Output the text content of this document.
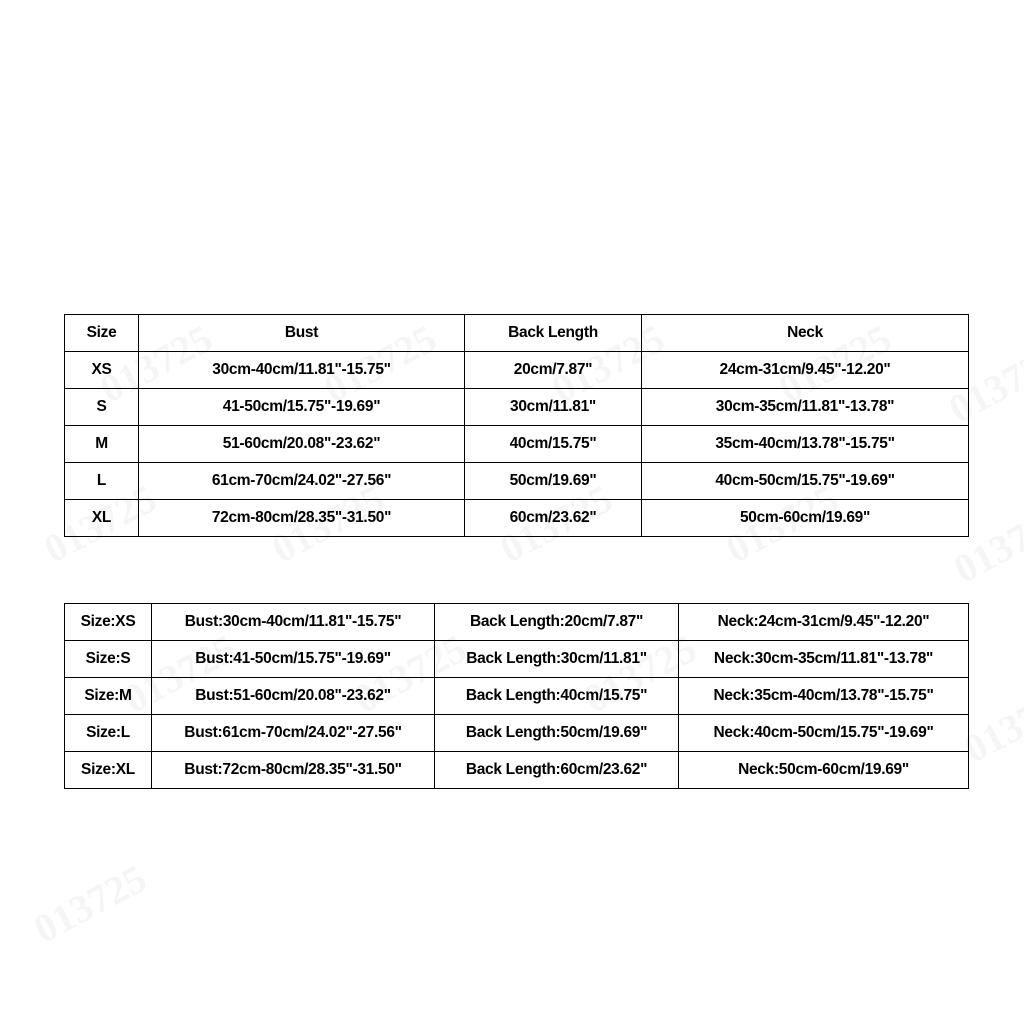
Size	Bust	Back Length	Neck
XS	30cm-40cm/11.81"-15.75"	20cm/7.87"	24cm-31cm/9.45"-12.20"
S	41-50cm/15.75"-19.69"	30cm/11.81"	30cm-35cm/11.81"-13.78"
M	51-60cm/20.08"-23.62"	40cm/15.75"	35cm-40cm/13.78"-15.75"
L	61cm-70cm/24.02"-27.56"	50cm/19.69"	40cm-50cm/15.75"-19.69"
XL	72cm-80cm/28.35"-31.50"	60cm/23.62"	50cm-60cm/19.69"
Size:XS	Bust:30cm-40cm/11.81"-15.75"	Back Length:20cm/7.87"	Neck:24cm-31cm/9.45"-12.20"
Size:S	Bust:41-50cm/15.75"-19.69"	Back Length:30cm/11.81"	Neck:30cm-35cm/11.81"-13.78"
Size:M	Bust:51-60cm/20.08"-23.62"	Back Length:40cm/15.75"	Neck:35cm-40cm/13.78"-15.75"
Size:L	Bust:61cm-70cm/24.02"-27.56"	Back Length:50cm/19.69"	Neck:40cm-50cm/15.75"-19.69"
Size:XL	Bust:72cm-80cm/28.35"-31.50"	Back Length:60cm/23.62"	Neck:50cm-60cm/19.69"
